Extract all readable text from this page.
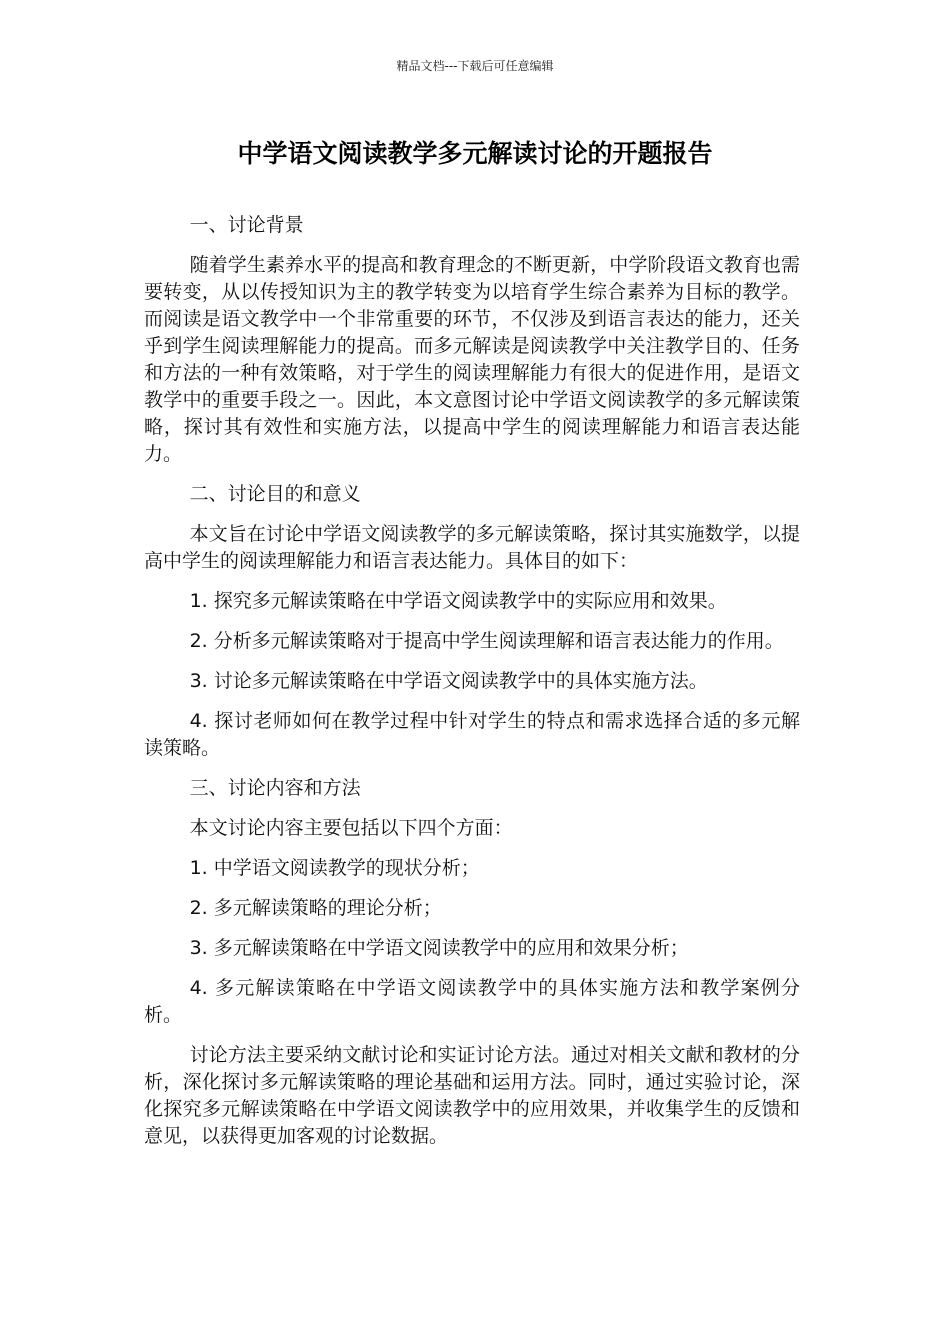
精品文档---下载后可任意编辑
中学语文阅读教学多元解读讨论的开题报告

一、讨论背景

随着学生素养水平的提高和教育理念的不断更新，中学阶段语文教育也需要转变，从以传授知识为主的教学转变为以培育学生综合素养为目标的教学。而阅读是语文教学中一个非常重要的环节，不仅涉及到语言表达的能力，还关乎到学生阅读理解能力的提高。而多元解读是阅读教学中关注教学目的、任务和方法的一种有效策略，对于学生的阅读理解能力有很大的促进作用，是语文教学中的重要手段之一。因此，本文意图讨论中学语文阅读教学的多元解读策略，探讨其有效性和实施方法，以提高中学生的阅读理解能力和语言表达能力。

二、讨论目的和意义

本文旨在讨论中学语文阅读教学的多元解读策略，探讨其实施数学，以提高中学生的阅读理解能力和语言表达能力。具体目的如下：

1. 探究多元解读策略在中学语文阅读教学中的实际应用和效果。

2. 分析多元解读策略对于提高中学生阅读理解和语言表达能力的作用。

3. 讨论多元解读策略在中学语文阅读教学中的具体实施方法。

4. 探讨老师如何在教学过程中针对学生的特点和需求选择合适的多元解读策略。

三、讨论内容和方法

本文讨论内容主要包括以下四个方面：

1. 中学语文阅读教学的现状分析；

2. 多元解读策略的理论分析；

3. 多元解读策略在中学语文阅读教学中的应用和效果分析；

4. 多元解读策略在中学语文阅读教学中的具体实施方法和教学案例分析。

讨论方法主要采纳文献讨论和实证讨论方法。通过对相关文献和教材的分析，深化探讨多元解读策略的理论基础和运用方法。同时，通过实验讨论，深化探究多元解读策略在中学语文阅读教学中的应用效果，并收集学生的反馈和意见，以获得更加客观的讨论数据。
